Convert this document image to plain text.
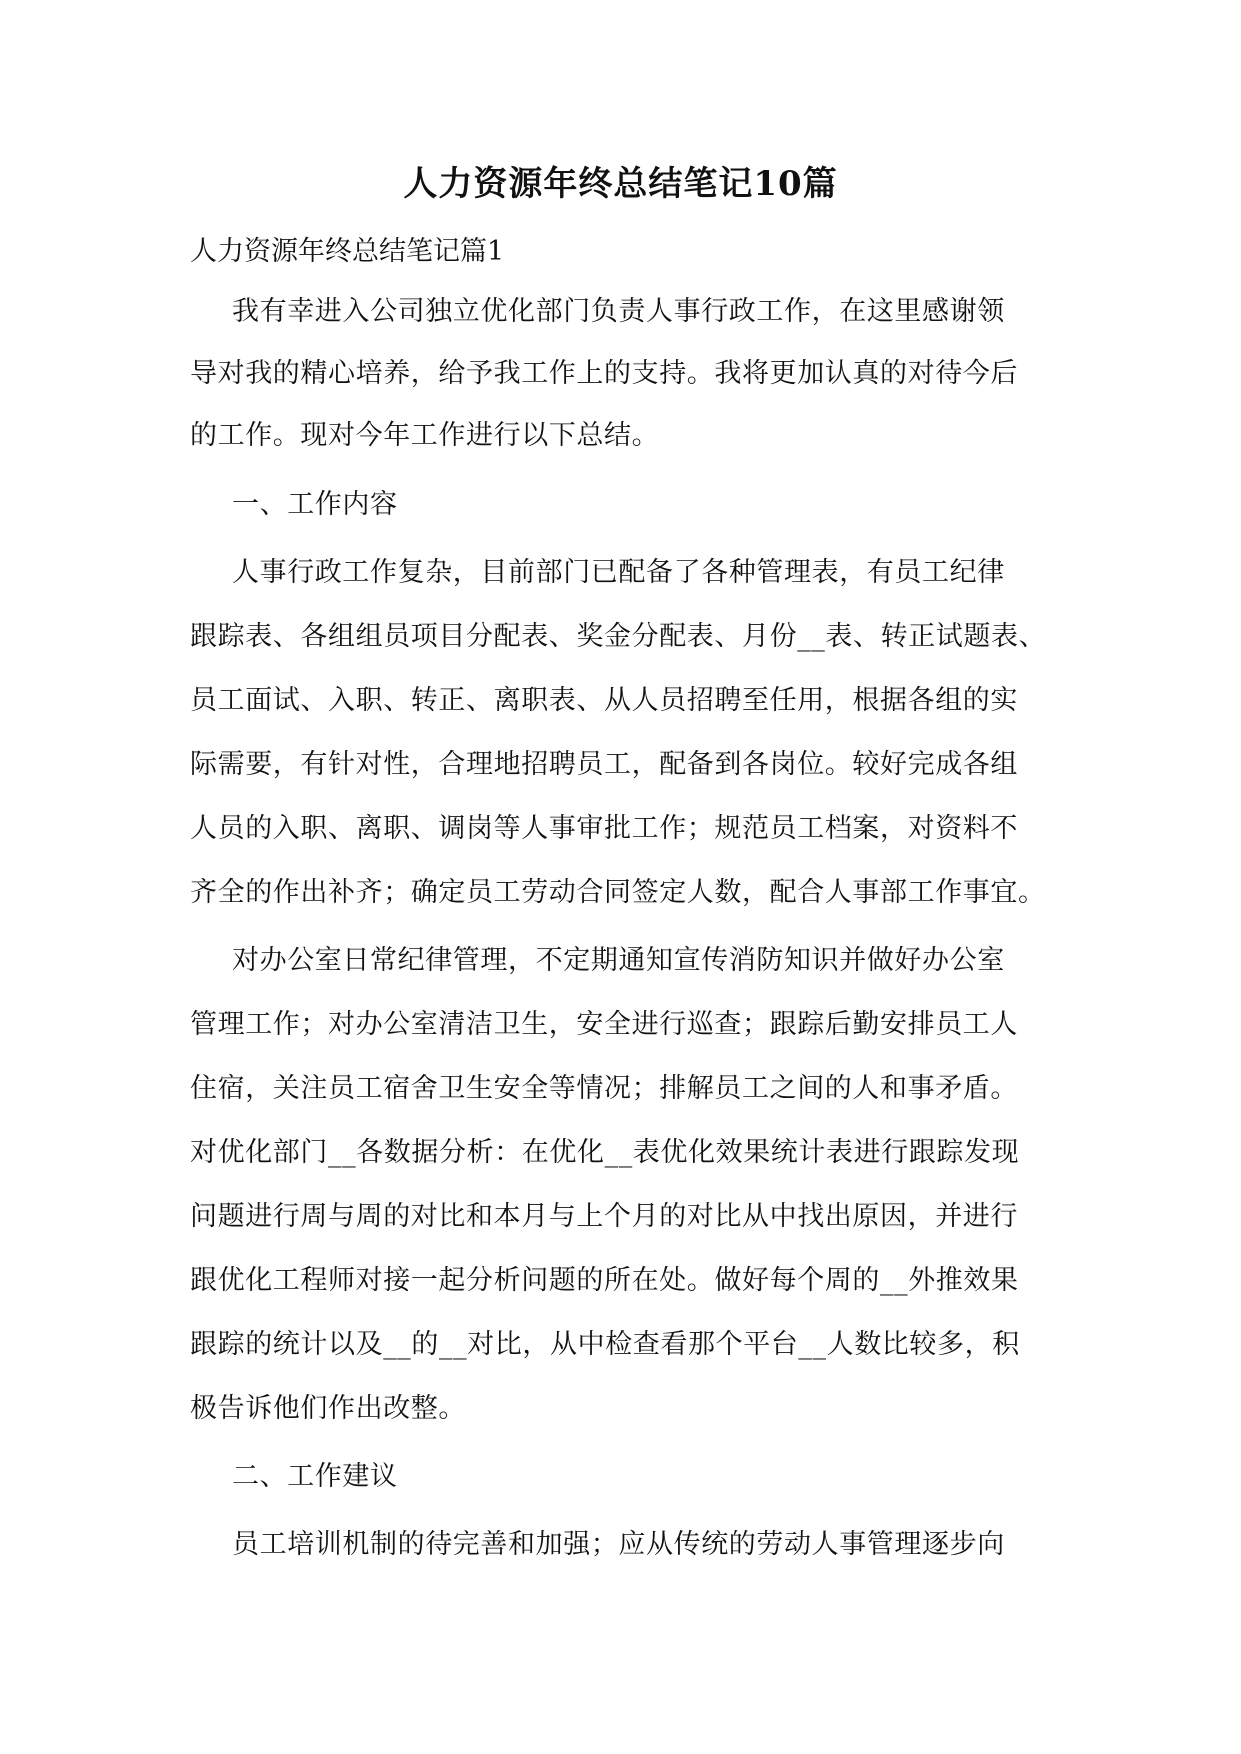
人力资源年终总结笔记10篇
人力资源年终总结笔记篇1
我有幸进入公司独立优化部门负责人事行政工作，在这里感谢领
导对我的精心培养，给予我工作上的支持。我将更加认真的对待今后
的工作。现对今年工作进行以下总结。
一、工作内容
人事行政工作复杂，目前部门已配备了各种管理表，有员工纪律
跟踪表、各组组员项目分配表、奖金分配表、月份__表、转正试题表、
员工面试、入职、转正、离职表、从人员招聘至任用，根据各组的实
际需要，有针对性，合理地招聘员工，配备到各岗位。较好完成各组
人员的入职、离职、调岗等人事审批工作；规范员工档案，对资料不
齐全的作出补齐；确定员工劳动合同签定人数，配合人事部工作事宜。
对办公室日常纪律管理，不定期通知宣传消防知识并做好办公室
管理工作；对办公室清洁卫生，安全进行巡查；跟踪后勤安排员工人
住宿，关注员工宿舍卫生安全等情况；排解员工之间的人和事矛盾。
对优化部门__各数据分析：在优化__表优化效果统计表进行跟踪发现
问题进行周与周的对比和本月与上个月的对比从中找出原因，并进行
跟优化工程师对接一起分析问题的所在处。做好每个周的__外推效果
跟踪的统计以及__的__对比，从中检查看那个平台__人数比较多，积
极告诉他们作出改整。
二、工作建议
员工培训机制的待完善和加强；应从传统的劳动人事管理逐步向
